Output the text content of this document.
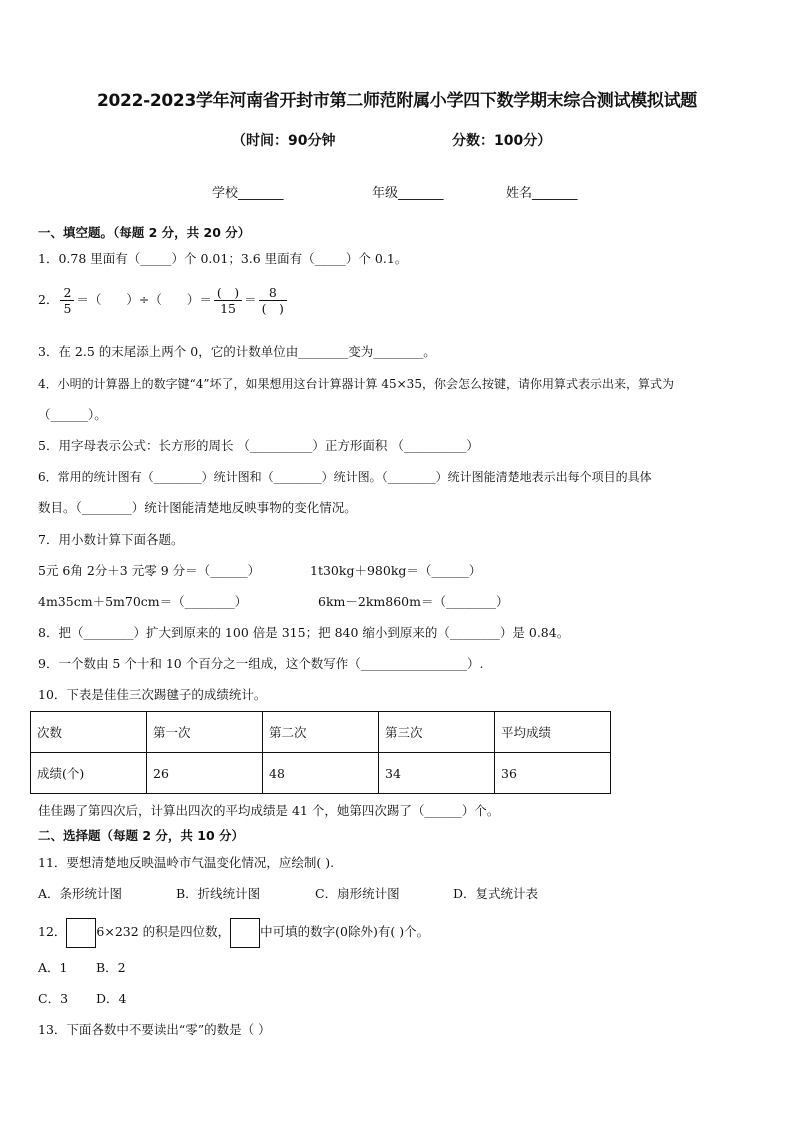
2022-2023学年河南省开封市第二师范附属小学四下数学期末综合测试模拟试题
（时间：90分钟	分数：100分）
学校_______	年级_______	姓名_______
一、填空题。（每题 2 分，共 20 分）
1．0.78 里面有（_____）个 0.01；3.6 里面有（_____）个 0.1。
2． $\frac{2}{5}$ ＝（　　）÷（　　）＝ $\frac{( )}{15} = \frac{8}{( )}$
3．在 2.5 的末尾添上两个 0，它的计数单位由________变为________。
4．小明的计算器上的数字键“4”坏了，如果想用这台计算器计算 45×35，你会怎么按键，请你用算式表示出来，算式为
（______）。
5．用字母表示公式：长方形的周长 （__________）正方形面积 （__________）
6．常用的统计图有（________）统计图和（________）统计图。（________）统计图能清楚地表示出每个项目的具体
数目。（________）统计图能清楚地反映事物的变化情况。
7．用小数计算下面各题。
5元 6角 2分＋3 元零 9 分＝（______）	1t30kg＋980kg＝（______）
4m35cm＋5m70cm＝（________）	6km－2km860m＝（________）
8．把（________）扩大到原来的 100 倍是 315；把 840 缩小到原来的（________）是 0.84。
9．一个数由 5 个十和 10 个百分之一组成，这个数写作（_________________）.
10．下表是佳佳三次踢毽子的成绩统计。
次数	第一次	第二次	第三次	平均成绩
成绩(个)	26	48	34	36
佳佳踢了第四次后，计算出四次的平均成绩是 41 个，她第四次踢了（______）个。
二、选择题（每题 2 分，共 10 分）
11．要想清楚地反映温岭市气温变化情况，应绘制( ).
A．条形统计图	B．折线统计图	C．扇形统计图	D．复式统计表
12． 6×232 的积是四位数， 中可填的数字(0除外)有( )个。
A．1 B．2
C．3 D．4
13．下面各数中不要读出“零”的数是（ ）
